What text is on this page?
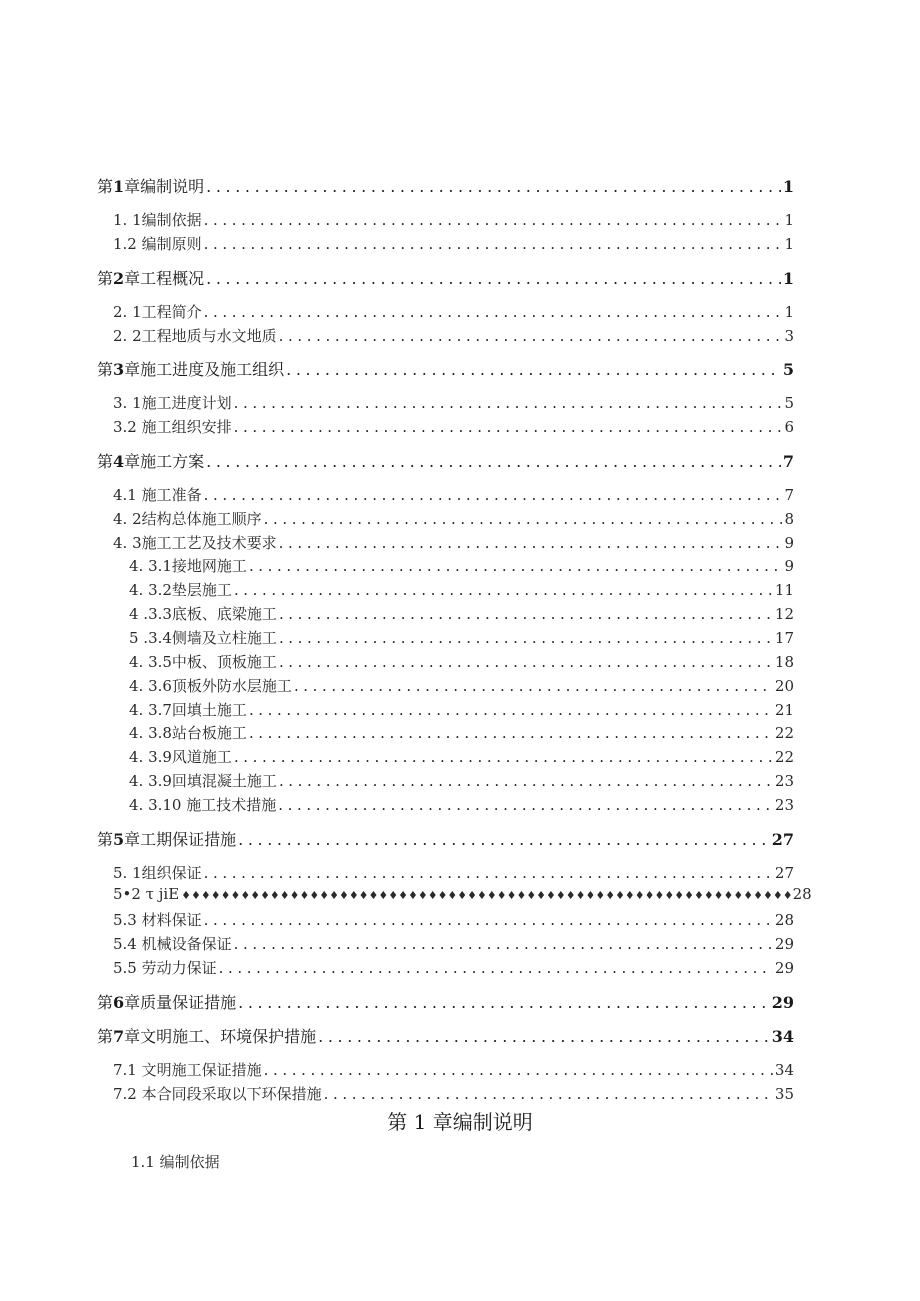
第1章编制说明 .....	1
1. 1编制依据 .....	1
1.2 编制原则 .....	1
第2章工程概况 .....	1
2. 1工程简介 .....	1
2. 2工程地质与水文地质 .....	3
第3章施工进度及施工组织 .....	5
3. 1施工进度计划 .....	5
3.2 施工组织安排 .....	6
第4章施工方案 .....	7
4.1 施工准备 .....	7
4. 2结构总体施工顺序 .....	8
4. 3施工工艺及技术要求 .....	9
4. 3.1接地网施工 .....	9
4. 3.2垫层施工 .....	11
4 .3.3底板、底梁施工 .....	12
5 .3.4侧墙及立柱施工 .....	17
4. 3.5中板、顶板施工 .....	18
4. 3.6顶板外防水层施工 .....	20
4. 3.7回填土施工 .....	21
4. 3.8站台板施工 .....	22
4. 3.9风道施工 .....	22
4. 3.9回填混凝土施工 .....	23
4. 3.10 施工技术措施 .....	23
第5章工期保证措施 .....	27
5. 1组织保证 .....	27
5•2 τ jiE ♦♦♦♦♦♦♦♦♦♦♦♦♦♦♦♦♦♦♦♦♦♦♦♦♦♦♦♦♦♦♦♦♦♦♦♦♦♦♦♦♦♦♦♦♦♦♦♦♦♦♦♦♦♦♦♦♦♦♦♦♦♦ 28
5.3 材料保证 .....	28
5.4 机械设备保证 .....	29
5.5 劳动力保证 .....	29
第6章质量保证措施 .....	29
第7章文明施工、环境保护措施 .....	34
7.1 文明施工保证措施 .....	34
7.2 本合同段采取以下环保措施 .....	35
第 1 章编制说明
1.1 编制依据
